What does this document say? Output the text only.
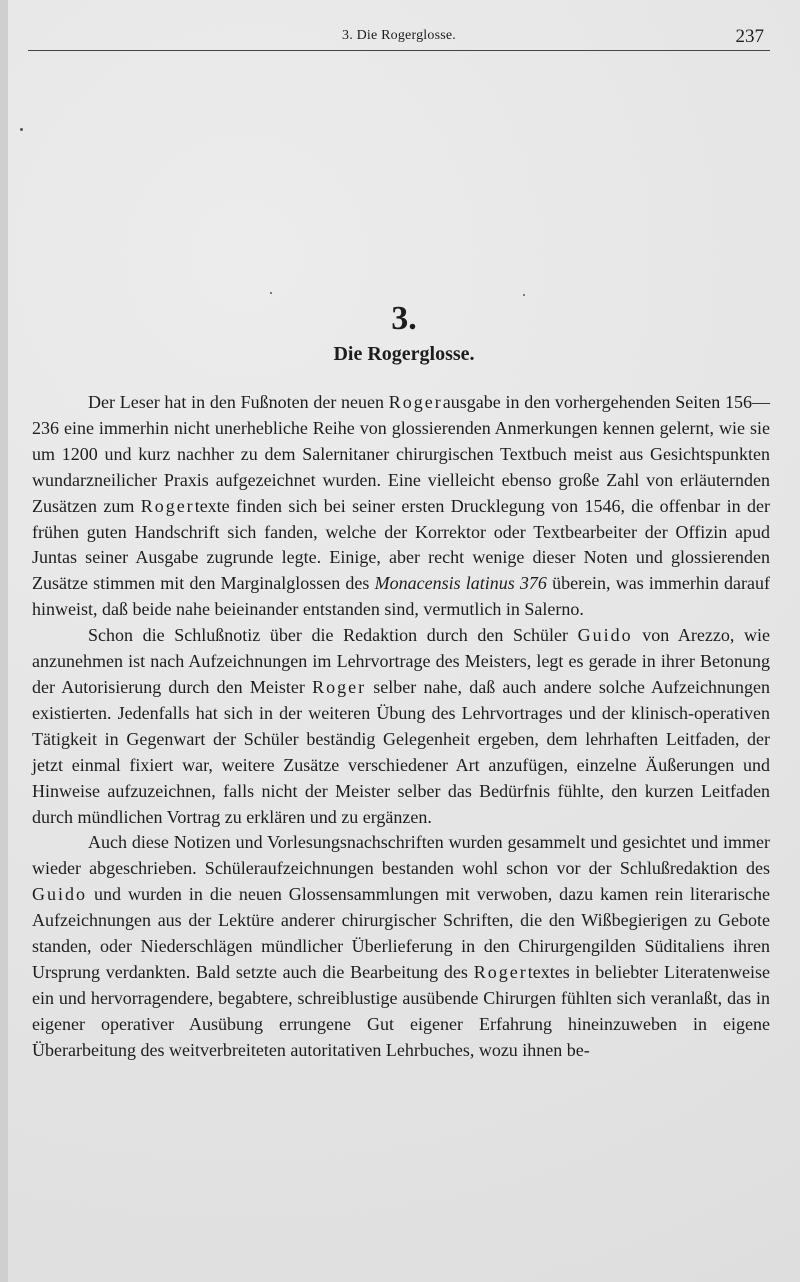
3. Die Rogerglosse.	237
3.
Die Rogerglosse.

Der Leser hat in den Fußnoten der neuen Rogerausgabe in den vorhergehenden Seiten 156—236 eine immerhin nicht unerhebliche Reihe von glossierenden Anmerkungen kennen gelernt, wie sie um 1200 und kurz nachher zu dem Salernitaner chirurgischen Textbuch meist aus Gesichtspunkten wundarzneilicher Praxis aufgezeichnet wurden. Eine vielleicht ebenso große Zahl von erläuternden Zusätzen zum Rogertexte finden sich bei seiner ersten Drucklegung von 1546, die offenbar in der frühen guten Handschrift sich fanden, welche der Korrektor oder Textbearbeiter der Offizin apud Juntas seiner Ausgabe zugrunde legte. Einige, aber recht wenige dieser Noten und glossierenden Zusätze stimmen mit den Marginalglossen des Monacensis latinus 376 überein, was immerhin darauf hinweist, daß beide nahe beieinander entstanden sind, vermutlich in Salerno.

Schon die Schlußnotiz über die Redaktion durch den Schüler Guido von Arezzo, wie anzunehmen ist nach Aufzeichnungen im Lehrvortrage des Meisters, legt es gerade in ihrer Betonung der Autorisierung durch den Meister Roger selber nahe, daß auch andere solche Aufzeichnungen existierten. Jedenfalls hat sich in der weiteren Übung des Lehrvortrages und der klinisch-operativen Tätigkeit in Gegenwart der Schüler beständig Gelegenheit ergeben, dem lehrhaften Leitfaden, der jetzt einmal fixiert war, weitere Zusätze verschiedener Art anzufügen, einzelne Äußerungen und Hinweise aufzuzeichnen, falls nicht der Meister selber das Bedürfnis fühlte, den kurzen Leitfaden durch mündlichen Vortrag zu erklären und zu ergänzen.

Auch diese Notizen und Vorlesungsnachschriften wurden gesammelt und gesichtet und immer wieder abgeschrieben. Schüleraufzeichnungen bestanden wohl schon vor der Schlußredaktion des Guido und wurden in die neuen Glossensammlungen mit verwoben, dazu kamen rein literarische Aufzeichnungen aus der Lektüre anderer chirurgischer Schriften, die den Wißbegierigen zu Gebote standen, oder Niederschlägen mündlicher Überlieferung in den Chirurgengilden Süditaliens ihren Ursprung verdankten. Bald setzte auch die Bearbeitung des Rogertextes in beliebter Literatenweise ein und hervorragendere, begabtere, schreiblustige ausübende Chirurgen fühlten sich veranlaßt, das in eigener operativer Ausübung errungene Gut eigener Erfahrung hineinzuweben in eigene Überarbeitung des weitverbreiteten autoritativen Lehrbuches, wozu ihnen be-
